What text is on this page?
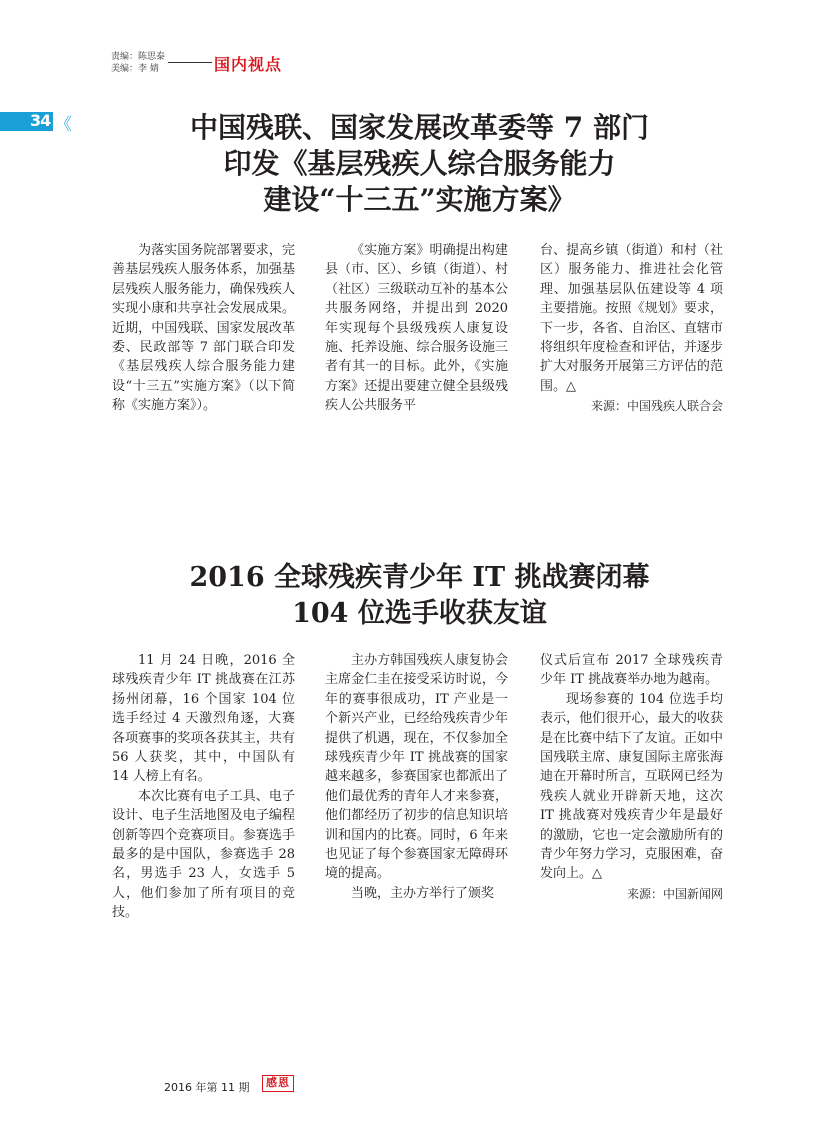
责编：陈思泰
美编：李 婧	国内视点
34 《	中国残联、国家发展改革委等 7 部门
印发《基层残疾人综合服务能力
建设“十三五”实施方案》

为落实国务院部署要求，完善基层残疾人服务体系，加强基层残疾人服务能力，确保残疾人实现小康和共享社会发展成果。近期，中国残联、国家发展改革委、民政部等 7 部门联合印发《基层残疾人综合服务能力建设“十三五”实施方案》（以下简称《实施方案》）。

《实施方案》明确提出构建县（市、区）、乡镇（街道）、村（社区）三级联动互补的基本公共服务网络，并提出到 2020 年实现每个县级残疾人康复设施、托养设施、综合服务设施三者有其一的目标。此外，《实施方案》还提出要建立健全县级残疾人公共服务平

台、提高乡镇（街道）和村（社区）服务能力、推进社会化管理、加强基层队伍建设等 4 项主要措施。按照《规划》要求，下一步，各省、自治区、直辖市将组织年度检查和评估，并逐步扩大对服务开展第三方评估的范围。△

来源：中国残疾人联合会
2016 全球残疾青少年 IT 挑战赛闭幕
104 位选手收获友谊

11 月 24 日晚，2016 全球残疾青少年 IT 挑战赛在江苏扬州闭幕，16 个国家 104 位选手经过 4 天激烈角逐，大赛各项赛事的奖项各获其主，共有 56 人获奖，其中，中国队有 14 人榜上有名。

本次比赛有电子工具、电子设计、电子生活地图及电子编程创新等四个竞赛项目。参赛选手最多的是中国队，参赛选手 28 名，男选手 23 人，女选手 5 人，他们参加了所有项目的竞技。

主办方韩国残疾人康复协会主席金仁圭在接受采访时说，今年的赛事很成功，IT 产业是一个新兴产业，已经给残疾青少年提供了机遇，现在，不仅参加全球残疾青少年 IT 挑战赛的国家越来越多，参赛国家也都派出了他们最优秀的青年人才来参赛，他们都经历了初步的信息知识培训和国内的比赛。同时，6 年来也见证了每个参赛国家无障碍环境的提高。

当晚，主办方举行了颁奖

仪式后宣布 2017 全球残疾青少年 IT 挑战赛举办地为越南。

现场参赛的 104 位选手均表示，他们很开心，最大的收获是在比赛中结下了友谊。正如中国残联主席、康复国际主席张海迪在开幕时所言，互联网已经为残疾人就业开辟新天地，这次 IT 挑战赛对残疾青少年是最好的激励，它也一定会激励所有的青少年努力学习，克服困难，奋发向上。△

来源：中国新闻网
2016 年第 11 期	感恩
